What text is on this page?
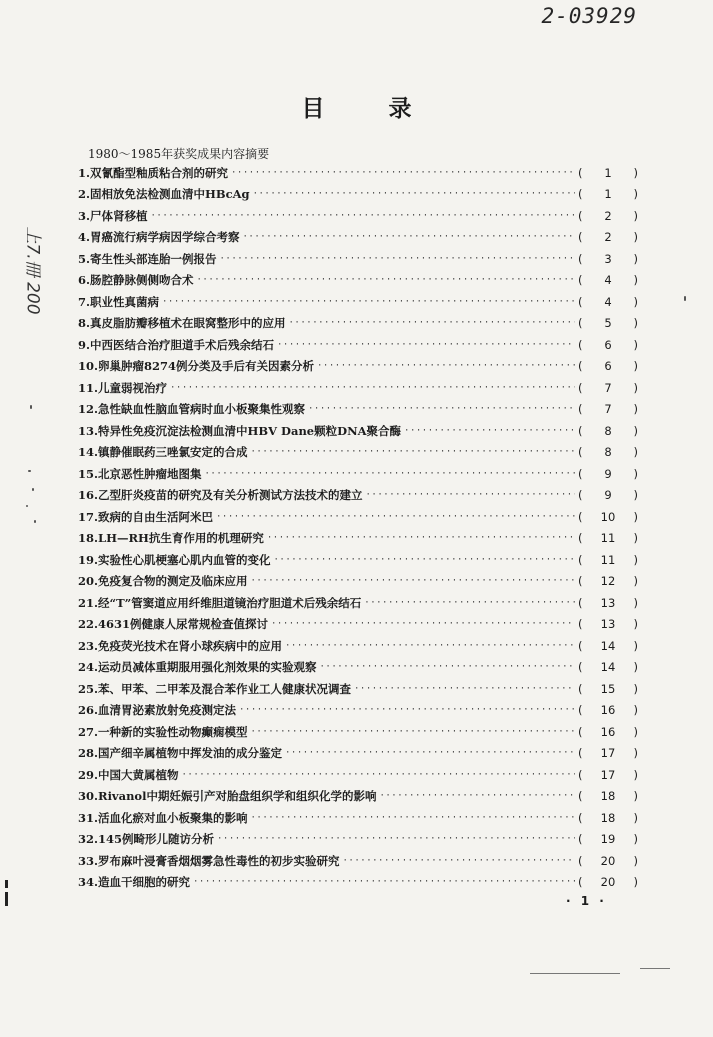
2-03929
上7.冊 200
目 录
1980～1985年获奖成果内容摘要
1.双氰酯型釉质粘合剂的研究 ·····	(	1	)
2.固相放免法检测血清中HBcAg ·····	(	1	)
3.尸体肾移植 ·····	(	2	)
4.胃癌流行病学病因学综合考察 ·····	(	2	)
5.寄生性头部连胎一例报告 ·····	(	3	)
6.肠腔静脉侧侧吻合术 ·····	(	4	)
7.职业性真菌病 ·····	(	4	)
8.真皮脂肪瓣移植术在眼窝整形中的应用 ·····	(	5	)
9.中西医结合治疗胆道手术后残余结石 ·····	(	6	)
10.卵巢肿瘤8274例分类及手后有关因素分析 ·····	(	6	)
11.儿童弱视治疗 ·····	(	7	)
12.急性缺血性脑血管病时血小板聚集性观察 ·····	(	7	)
13.特异性免疫沉淀法检测血清中HBV Dane颗粒DNA聚合酶 ·····	(	8	)
14.镇静催眠药三唑氯安定的合成 ·····	(	8	)
15.北京恶性肿瘤地图集 ·····	(	9	)
16.乙型肝炎疫苗的研究及有关分析测试方法技术的建立 ·····	(	9	)
17.致病的自由生活阿米巴 ·····	(	10	)
18.LH—RH抗生育作用的机理研究 ·····	(	11	)
19.实验性心肌梗塞心肌内血管的变化 ·····	(	11	)
20.免疫复合物的测定及临床应用 ·····	(	12	)
21.经“T”管窦道应用纤维胆道镜治疗胆道术后残余结石 ·····	(	13	)
22.4631例健康人尿常规检查值探讨 ·····	(	13	)
23.免疫荧光技术在肾小球疾病中的应用 ·····	(	14	)
24.运动员减体重期服用强化剂效果的实验观察 ·····	(	14	)
25.苯、甲苯、二甲苯及混合苯作业工人健康状况调查 ·····	(	15	)
26.血清胃泌素放射免疫测定法 ·····	(	16	)
27.一种新的实验性动物癫痫模型 ·····	(	16	)
28.国产细辛属植物中挥发油的成分鉴定 ·····	(	17	)
29.中国大黄属植物 ·····	(	17	)
30.Rivanol中期妊娠引产对胎盘组织学和组织化学的影响 ·····	(	18	)
31.活血化瘀对血小板聚集的影响 ·····	(	18	)
32.145例畸形儿随访分析 ·····	(	19	)
33.罗布麻叶浸膏香烟烟雾急性毒性的初步实验研究 ·····	(	20	)
34.造血干细胞的研究 ·····	(	20	)
· 1 ·
